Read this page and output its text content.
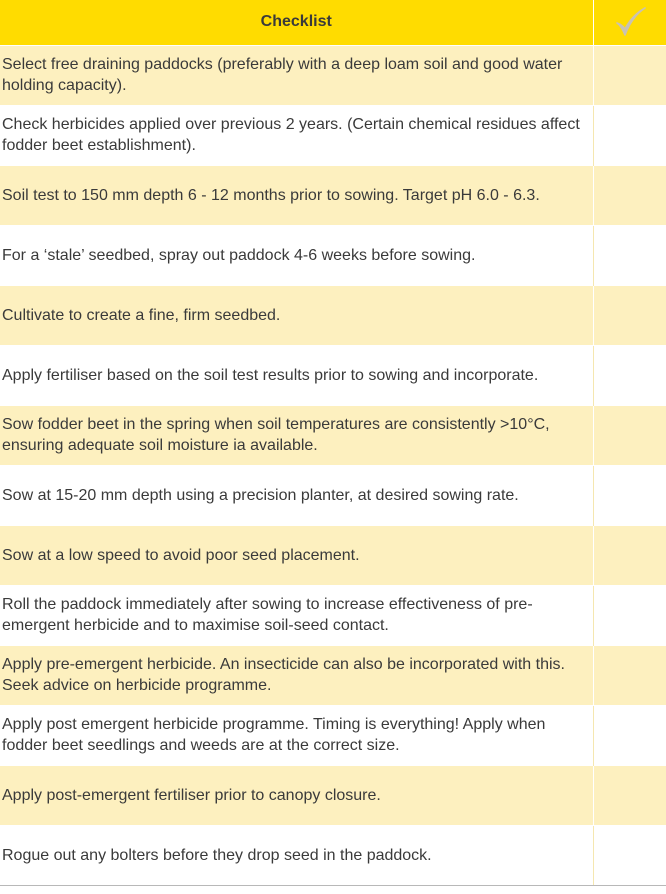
Checklist	

Select free draining paddocks (preferably with a deep loam soil and good water holding capacity).	
Check herbicides applied over previous 2 years. (Certain chemical residues affect fodder beet establishment).	
Soil test to 150 mm depth 6 - 12 months prior to sowing. Target pH 6.0 - 6.3.	
For a ‘stale’ seedbed, spray out paddock 4-6 weeks before sowing.	
Cultivate to create a fine, firm seedbed.	
Apply fertiliser based on the soil test results prior to sowing and incorporate.	
Sow fodder beet in the spring when soil temperatures are consistently >10°C, ensuring adequate soil moisture ia available.	
Sow at 15-20 mm depth using a precision planter, at desired sowing rate.	
Sow at a low speed to avoid poor seed placement.	
Roll the paddock immediately after sowing to increase effectiveness of pre-emergent herbicide and to maximise soil-seed contact.	
Apply pre-emergent herbicide. An insecticide can also be incorporated with this. Seek advice on herbicide programme.	
Apply post emergent herbicide programme. Timing is everything! Apply when fodder beet seedlings and weeds are at the correct size.	
Apply post-emergent fertiliser prior to canopy closure.	
Rogue out any bolters before they drop seed in the paddock.	
